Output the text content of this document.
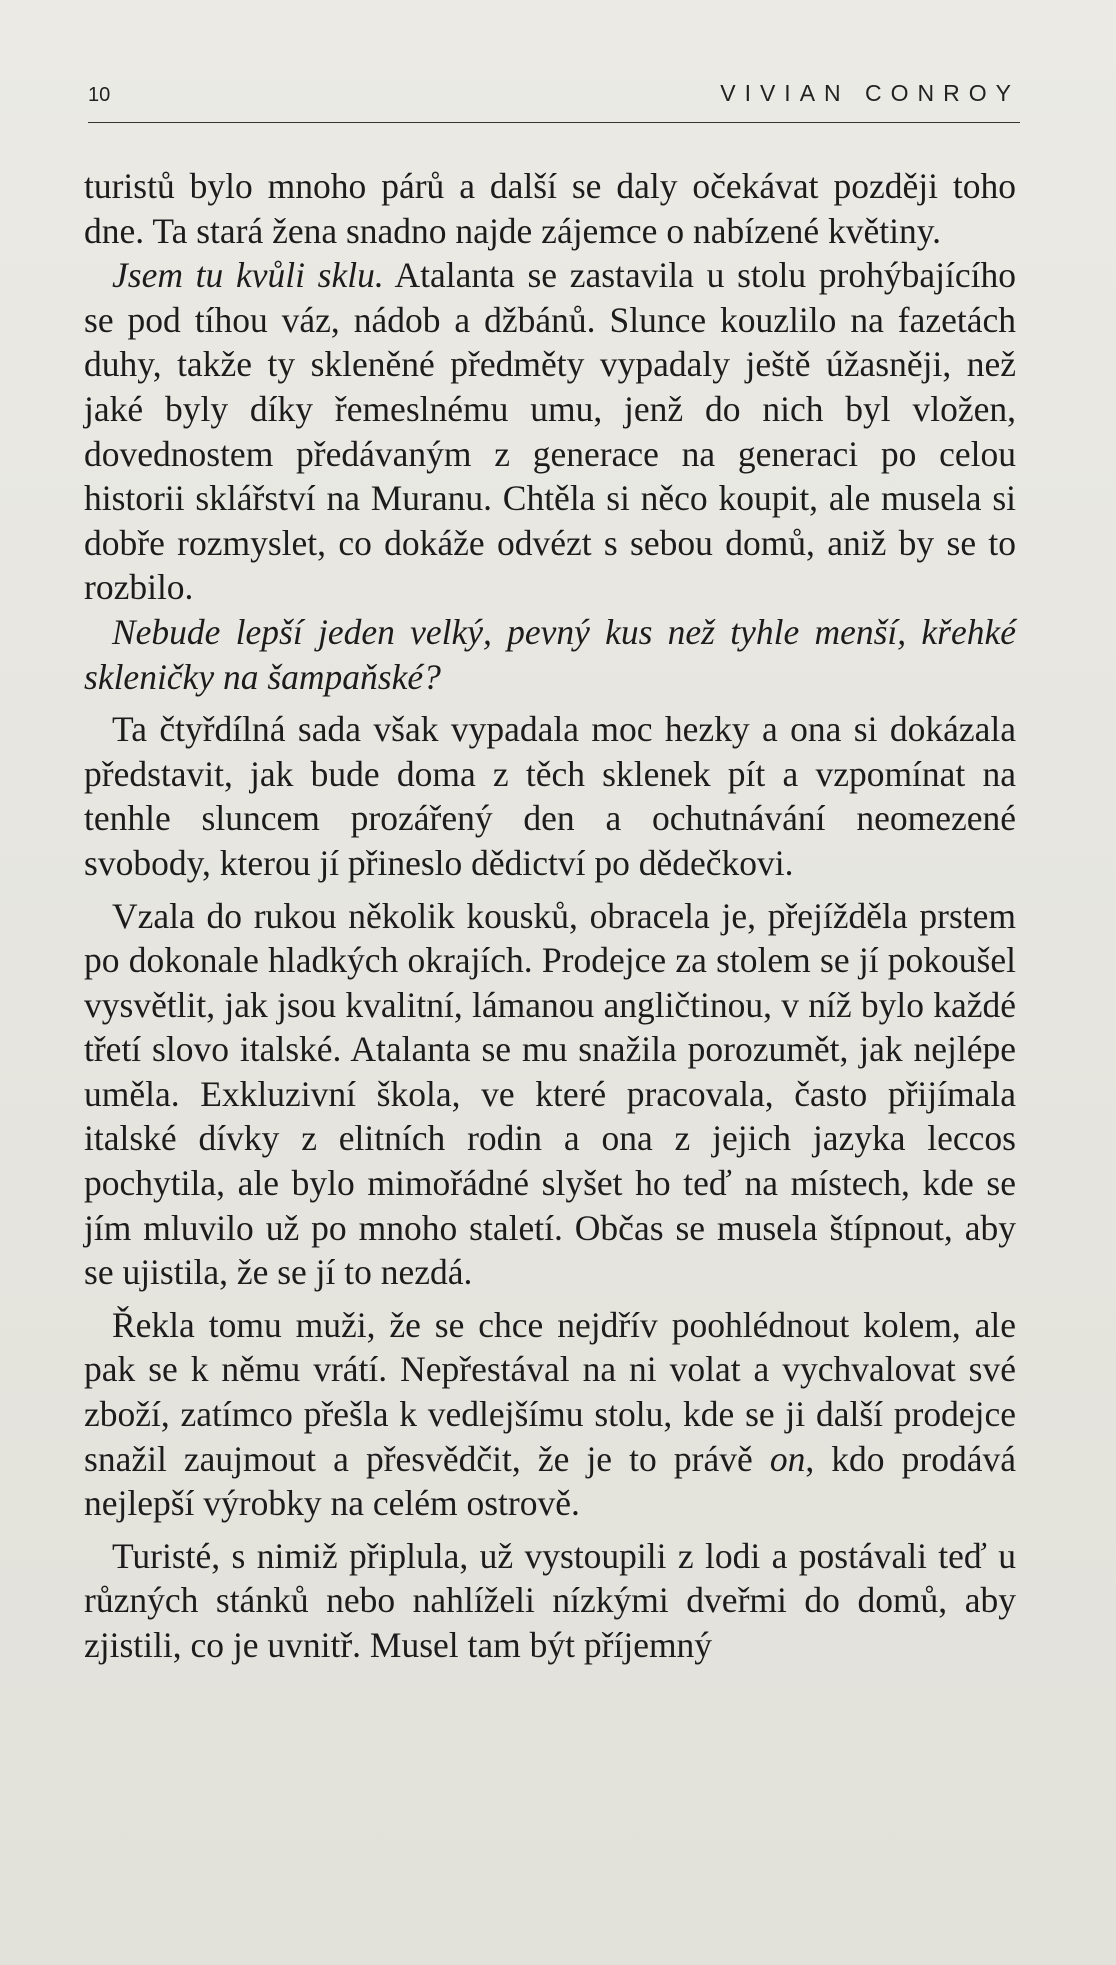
10	VIVIAN CONROY

turistů bylo mnoho párů a další se daly očekávat později toho dne. Ta stará žena snadno najde zájemce o nabízené květiny.

Jsem tu kvůli sklu. Atalanta se zastavila u stolu prohýbajícího se pod tíhou váz, nádob a džbánů. Slunce kouzlilo na fazetách duhy, takže ty skleněné předměty vypadaly ještě úžasněji, než jaké byly díky řemeslnému umu, jenž do nich byl vložen, dovednostem předávaným z generace na generaci po celou historii sklářství na Muranu. Chtěla si něco koupit, ale musela si dobře rozmyslet, co dokáže odvézt s sebou domů, aniž by se to rozbilo.

Nebude lepší jeden velký, pevný kus než tyhle menší, křehké skleničky na šampaňské?

Ta čtyřdílná sada však vypadala moc hezky a ona si dokázala představit, jak bude doma z těch sklenek pít a vzpomínat na tenhle sluncem prozářený den a ochutnávání neomezené svobody, kterou jí přineslo dědictví po dědečkovi.

Vzala do rukou několik kousků, obracela je, přejížděla prstem po dokonale hladkých okrajích. Prodejce za stolem se jí pokoušel vysvětlit, jak jsou kvalitní, lámanou angličtinou, v níž bylo každé třetí slovo italské. Atalanta se mu snažila porozumět, jak nejlépe uměla. Exkluzivní škola, ve které pracovala, často přijímala italské dívky z elitních rodin a ona z jejich jazyka leccos pochytila, ale bylo mimořádné slyšet ho teď na místech, kde se jím mluvilo už po mnoho staletí. Občas se musela štípnout, aby se ujistila, že se jí to nezdá.

Řekla tomu muži, že se chce nejdřív poohlédnout kolem, ale pak se k němu vrátí. Nepřestával na ni volat a vychvalovat své zboží, zatímco přešla k vedlejšímu stolu, kde se ji další prodejce snažil zaujmout a přesvědčit, že je to právě on, kdo prodává nejlepší výrobky na celém ostrově.

Turisté, s nimiž připlula, už vystoupili z lodi a postávali teď u různých stánků nebo nahlíželi nízkými dveřmi do domů, aby zjistili, co je uvnitř. Musel tam být příjemný
